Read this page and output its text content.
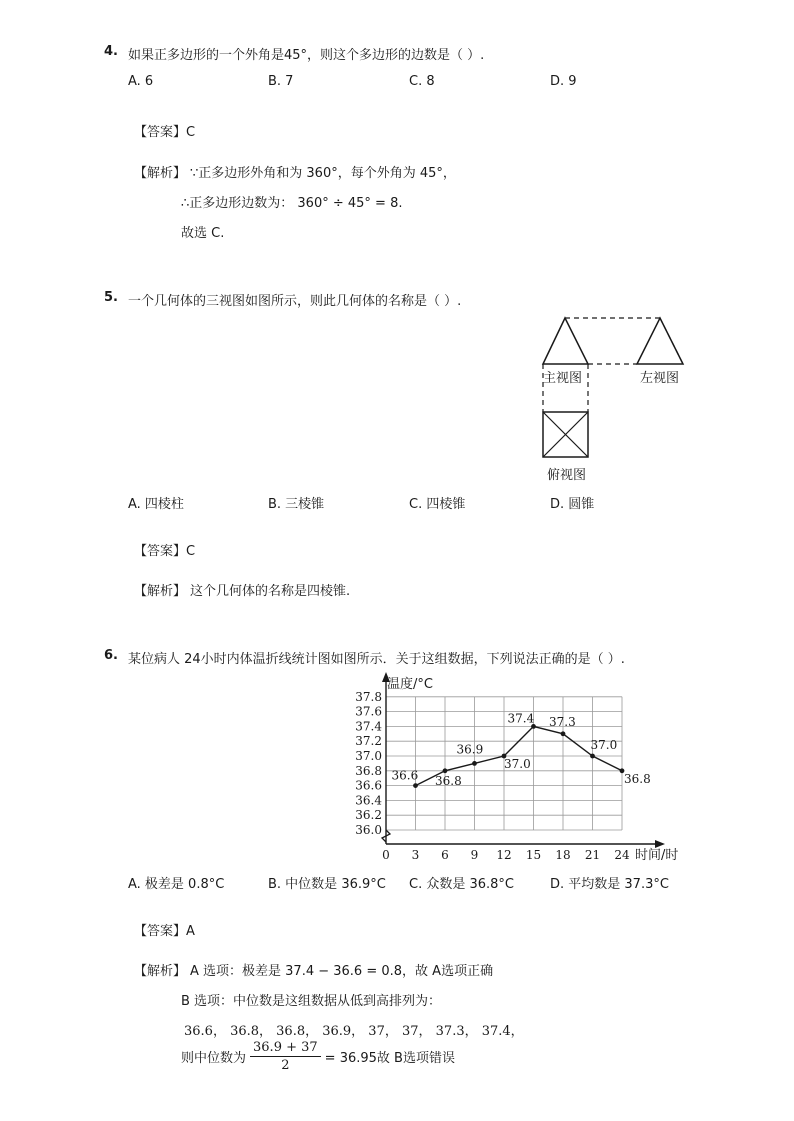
4. 如果正多边形的一个外角是45°，则这个多边形的边数是（ ）.
A. 6	B. 7	C. 8	D. 9
【答案】C
【解析】 ∵正多边形外角和为 360°，每个外角为 45°，
∴正多边形边数为： 360° ÷ 45° = 8.
故选 C.
5. 一个几何体的三视图如图所示，则此几何体的名称是（ ）.
主视图	左视图
俯视图
A. 四棱柱	B. 三棱锥	C. 四棱锥	D. 圆锥
【答案】C
【解析】 这个几何体的名称是四棱锥.
6. 某位病人 24小时内体温折线统计图如图所示．关于这组数据，下列说法正确的是（ ）.
36.0
36.2
36.4
36.6
36.8
37.0
37.2
37.4
37.6
37.8
0 3 6 9 12 15 18 21 24
36.6 36.8
36.9
37.0
37.4 37.3
37.0
36.8
温度/°C
时间/时
A. 极差是 0.8°C	B. 中位数是 36.9°C C. 众数是 36.8°C	D. 平均数是 37.3°C
【答案】A
【解析】 A 选项：极差是 37.4 − 36.6 = 0.8，故 A选项正确
B 选项：中位数是这组数据从低到高排列为：
36.6， 36.8， 36.8， 36.9， 37， 37， 37.3， 37.4，
则中位数为 $\frac{36.9 + 37}{2} = 36.95$故 B选项错误
